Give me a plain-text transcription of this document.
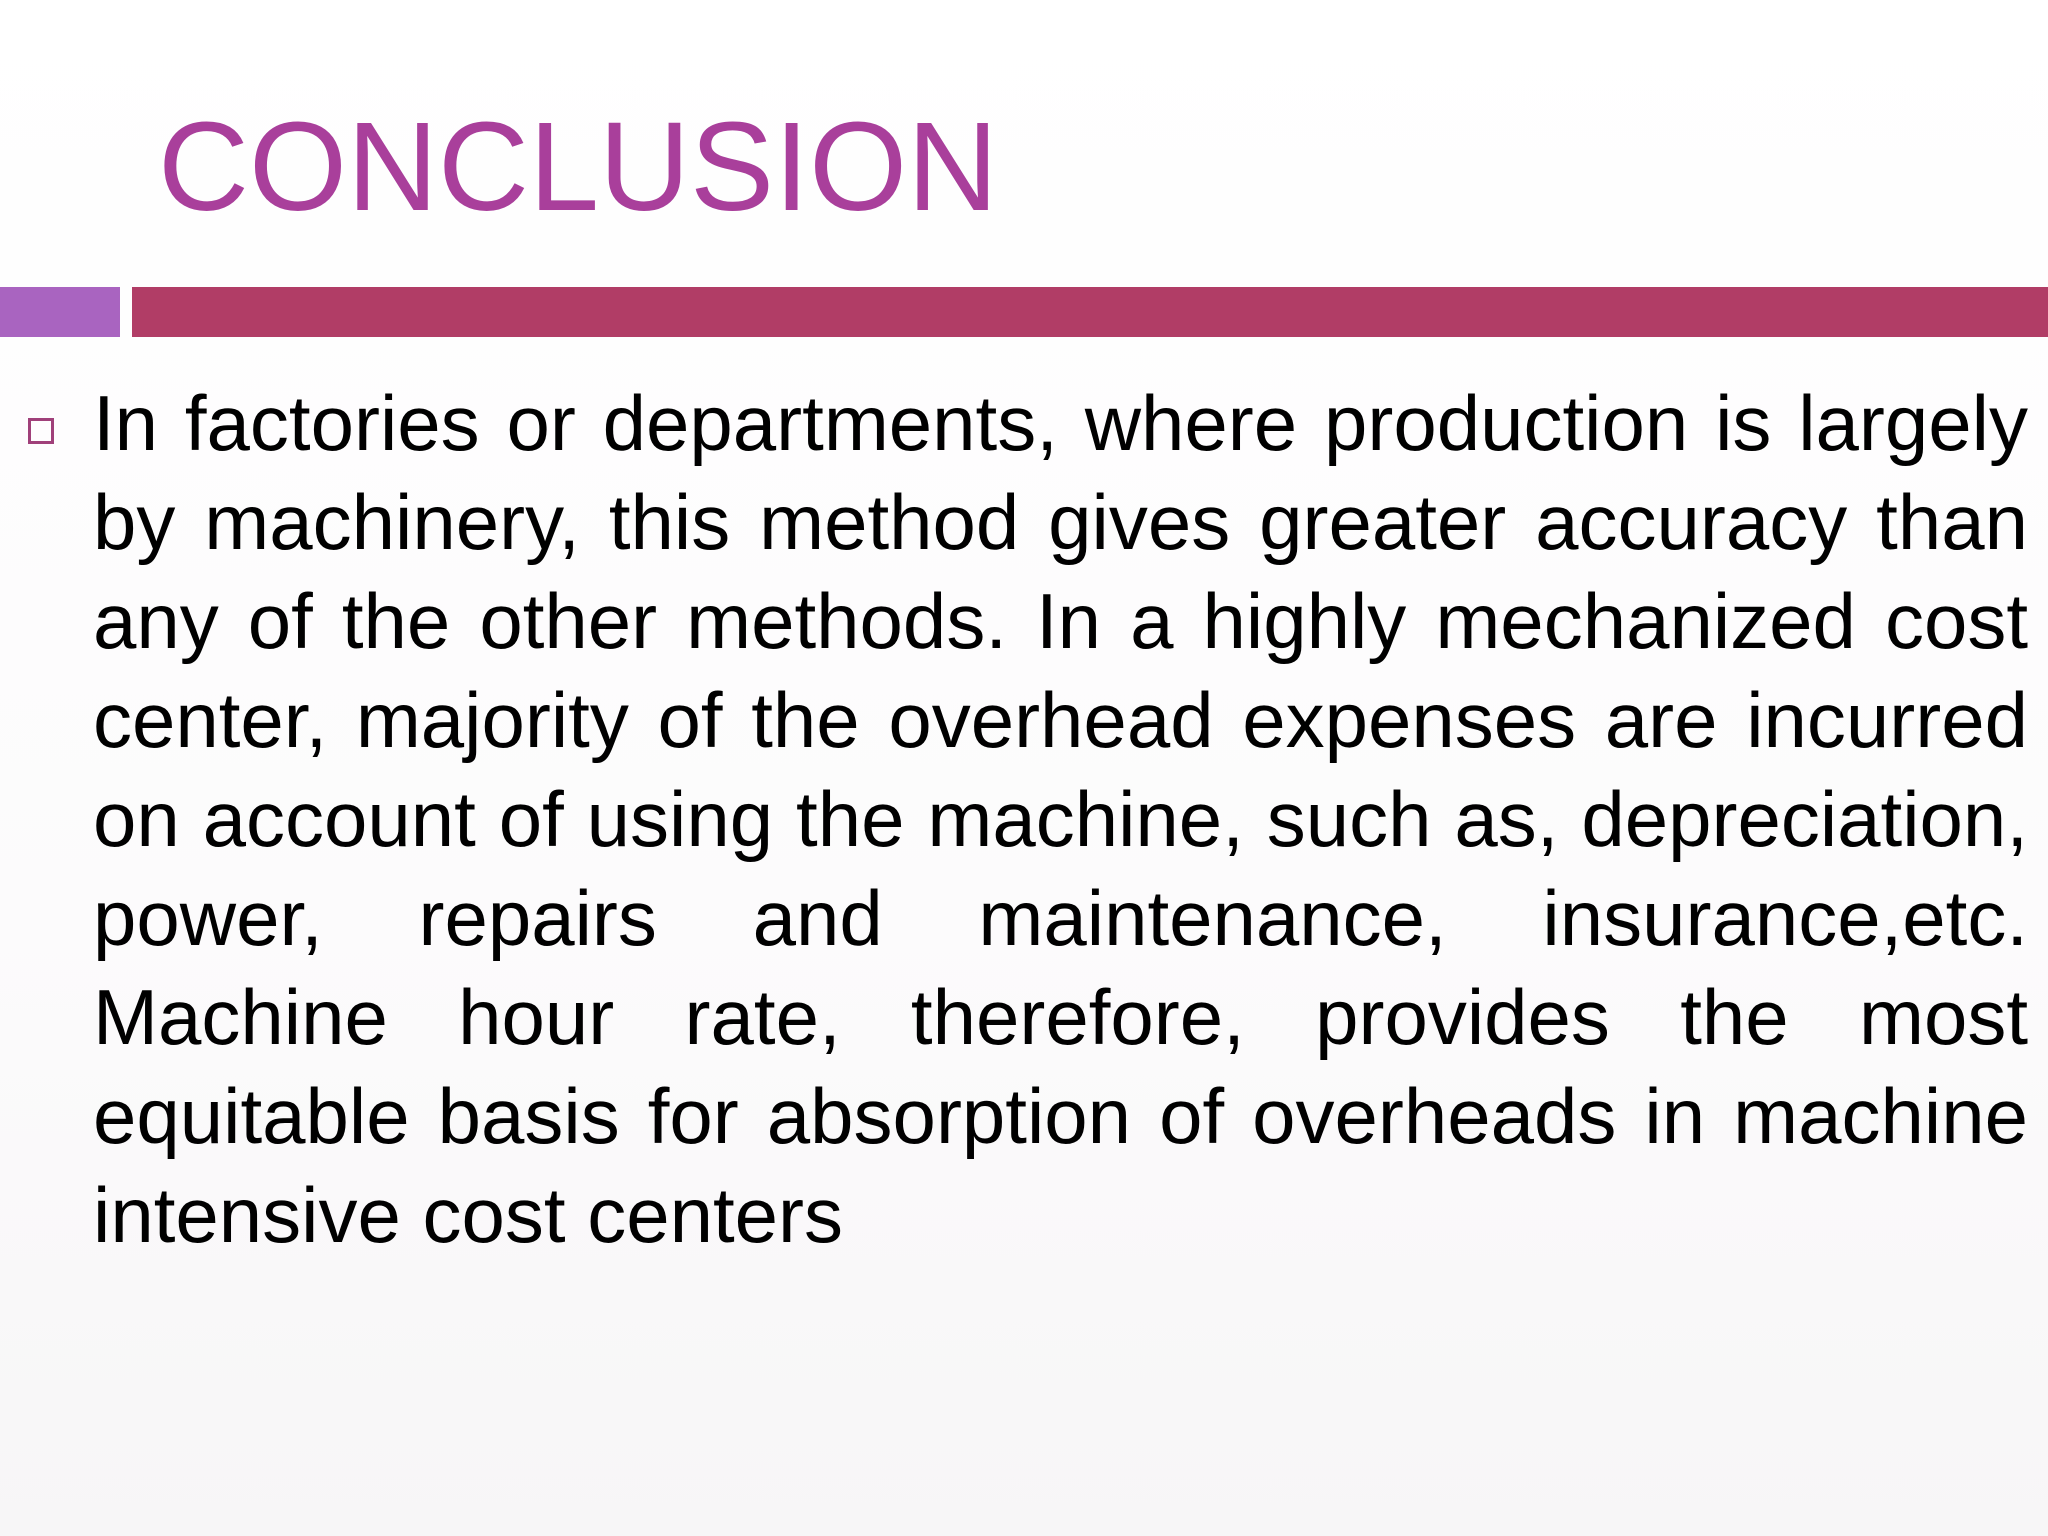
CONCLUSION

In factories or departments, where production is largely by machinery, this method gives greater accuracy than any of the other methods. In a highly mechanized cost center, majority of the overhead expenses are incurred on account of using the machine, such as, depreciation, power, repairs and maintenance, insurance,etc. Machine hour rate, therefore, provides the most equitable basis for absorption of overheads in machine intensive cost centers
